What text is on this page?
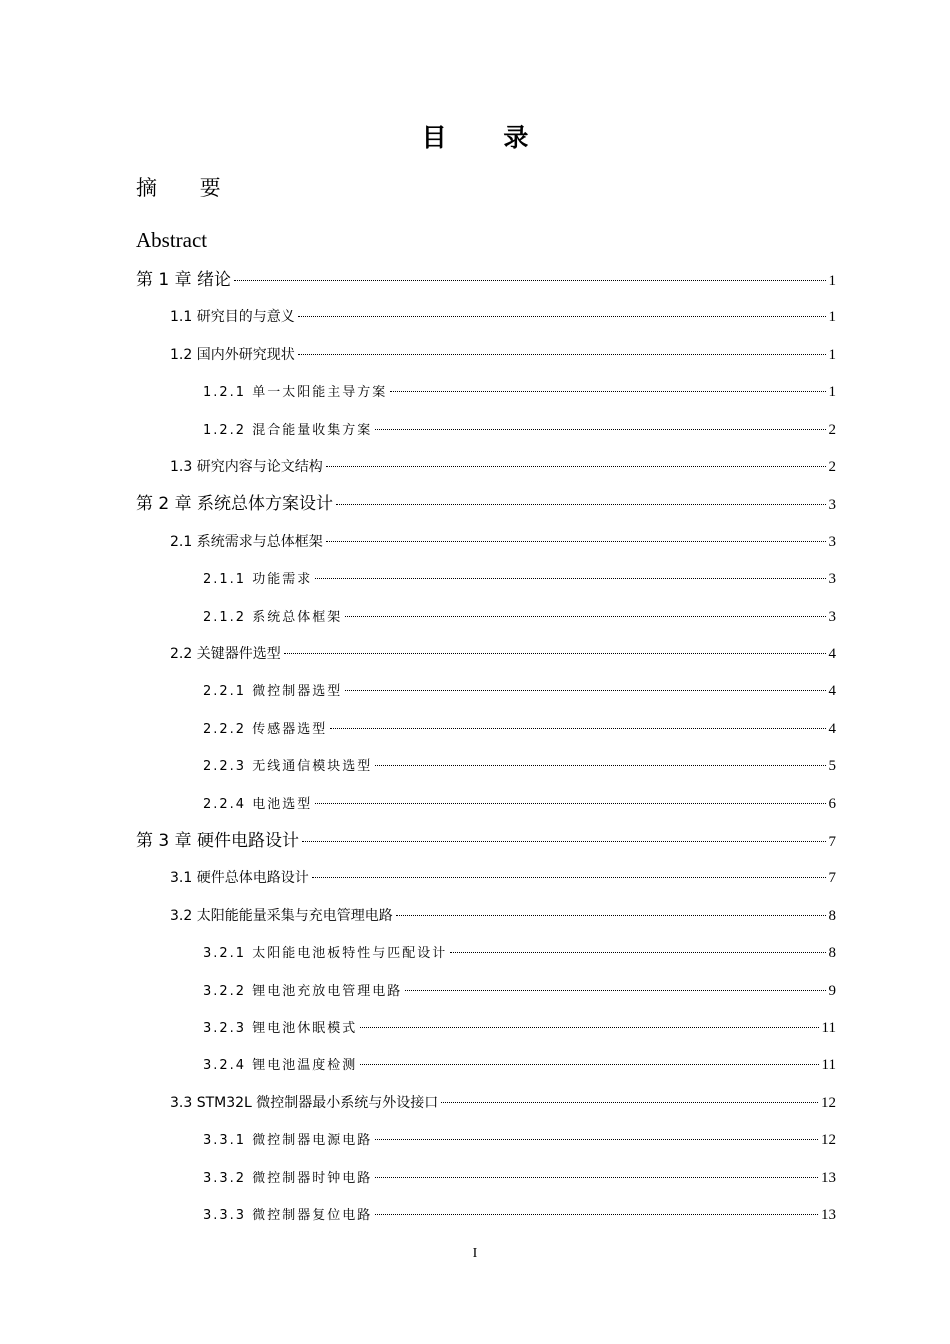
目 录
摘 要
Abstract
第 1 章 绪论	1
1.1 研究目的与意义	1
1.2 国内外研究现状	1
1.2.1 单一太阳能主导方案	1
1.2.2 混合能量收集方案	2
1.3 研究内容与论文结构	2
第 2 章 系统总体方案设计	3
2.1 系统需求与总体框架	3
2.1.1 功能需求	3
2.1.2 系统总体框架	3
2.2 关键器件选型	4
2.2.1 微控制器选型	4
2.2.2 传感器选型	4
2.2.3 无线通信模块选型	5
2.2.4 电池选型	6
第 3 章 硬件电路设计	7
3.1 硬件总体电路设计	7
3.2 太阳能能量采集与充电管理电路	8
3.2.1 太阳能电池板特性与匹配设计	8
3.2.2 锂电池充放电管理电路	9
3.2.3 锂电池休眠模式	11
3.2.4 锂电池温度检测	11
3.3 STM32L 微控制器最小系统与外设接口	12
3.3.1 微控制器电源电路	12
3.3.2 微控制器时钟电路	13
3.3.3 微控制器复位电路	13
I
